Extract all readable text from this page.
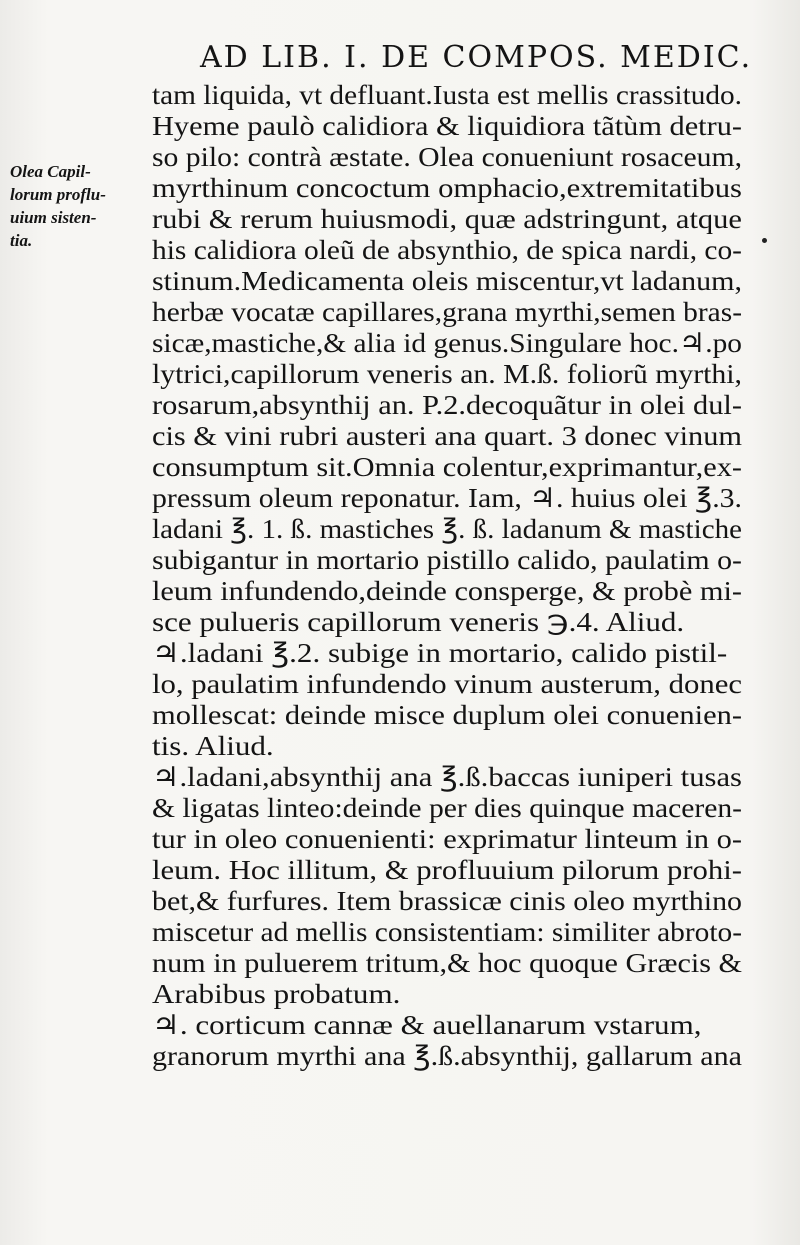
AD LIB. I. DE COMPOS. MEDIC.
Olea Capil-
lorum proflu-
uium sisten-
tia.
tam liquida, vt defluant.Iusta est mellis crassitudo.
Hyeme paulò calidiora & liquidiora tãtùm detru-
so pilo: contrà æstate. Olea conueniunt rosaceum,
myrthinum concoctum omphacio,extremitatibus
rubi & rerum huiusmodi, quæ adstringunt, atque
his calidiora oleũ de absynthio, de spica nardi, co-
stinum.Medicamenta oleis miscentur,vt ladanum,
herbæ vocatæ capillares,grana myrthi,semen bras-
sicæ,mastiche,& alia id genus.Singulare hoc.♃.po
lytrici,capillorum veneris an. M.ß. foliorũ myrthi,
rosarum,absynthij an. P.2.decoquãtur in olei dul-
cis & vini rubri austeri ana quart. 3 donec vinum
consumptum sit.Omnia colentur,exprimantur,ex-
pressum oleum reponatur. Iam, ♃. huius olei ℥.3.
ladani ℥. 1. ß. mastiches ℥. ß. ladanum & mastiche
subigantur in mortario pistillo calido, paulatim o-
leum infundendo,deinde consperge, & probè mi-
sce pulueris capillorum veneris ℈.4. Aliud.
♃.ladani ℥.2. subige in mortario, calido pistil-
lo, paulatim infundendo vinum austerum, donec
mollescat: deinde misce duplum olei conuenien-
tis. Aliud.
♃.ladani,absynthij ana ℥.ß.baccas iuniperi tusas
& ligatas linteo:deinde per dies quinque maceren-
tur in oleo conuenienti: exprimatur linteum in o-
leum. Hoc illitum, & profluuium pilorum prohi-
bet,& furfures. Item brassicæ cinis oleo myrthino
miscetur ad mellis consistentiam: similiter abroto-
num in puluerem tritum,& hoc quoque Græcis &
Arabibus probatum.
♃. corticum cannæ & auellanarum vstarum,
granorum myrthi ana ℥.ß.absynthij, gallarum ana
